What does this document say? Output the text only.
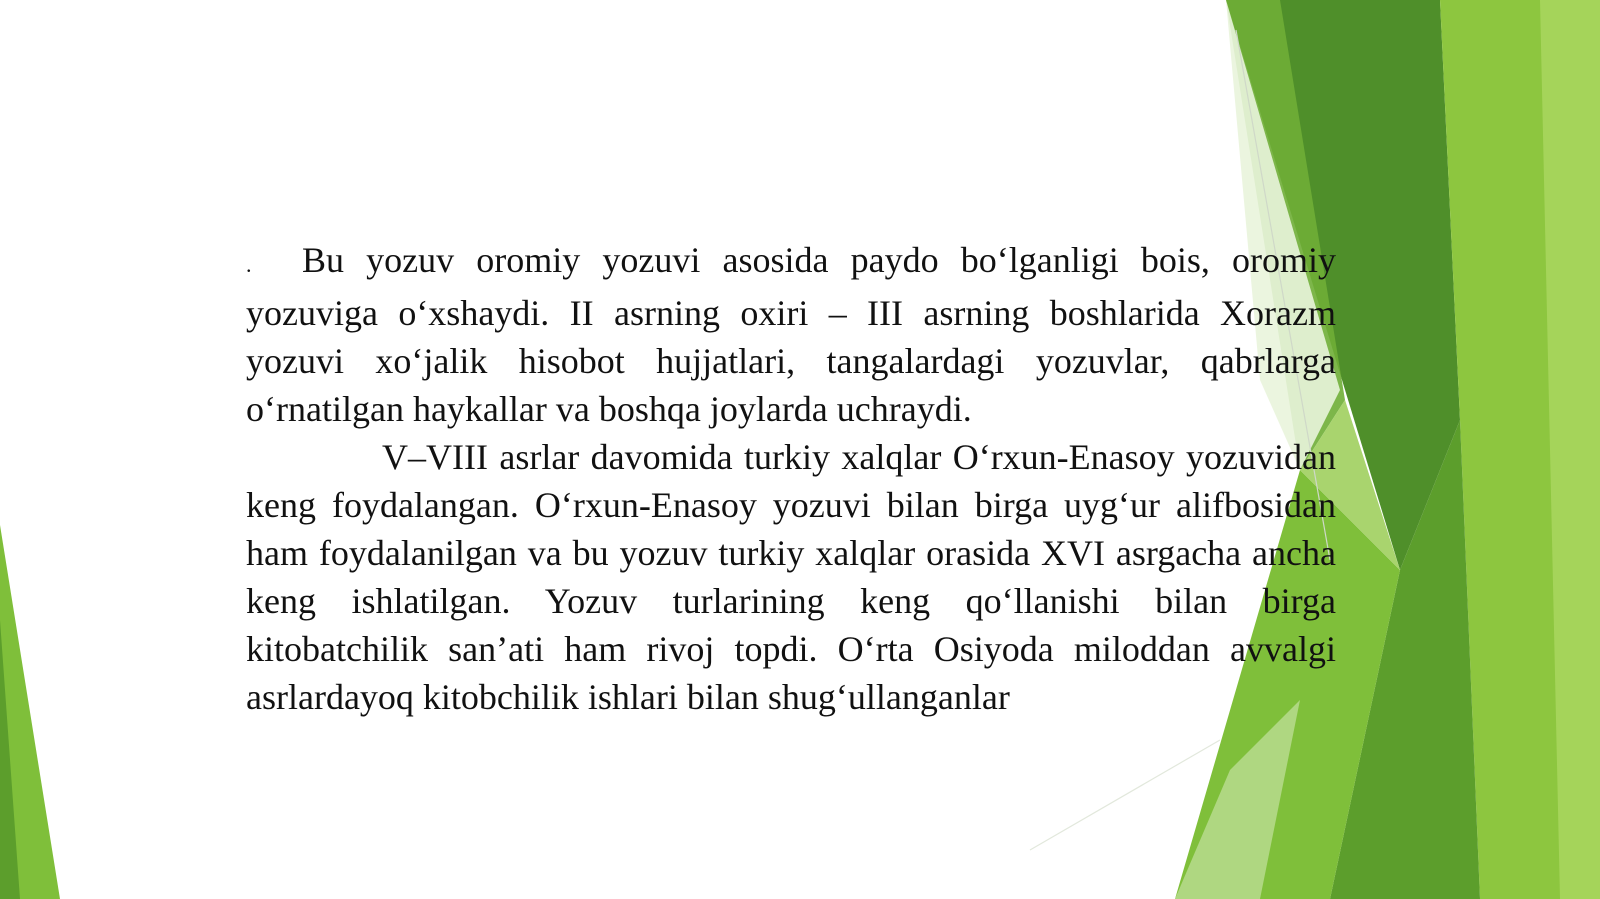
. Bu yozuv oromiy yozuvi asosida paydo bo‘lganligi bois, oromiy yozuviga o‘xshaydi. II asrning oxiri – III asrning boshlarida Xorazm yozuvi xo‘jalik hisobot hujjatlari, tangalardagi yozuvlar, qabrlarga o‘rnatilgan haykallar va boshqa joylarda uchraydi.

V–VIII asrlar davomida turkiy xalqlar O‘rxun-Enasoy yozuvidan keng foydalangan. O‘rxun-Enasoy yozuvi bilan birga uyg‘ur alifbosidan ham foydalanilgan va bu yozuv turkiy xalqlar orasida XVI asrgacha ancha keng ishlatilgan. Yozuv turlarining keng qo‘llanishi bilan birga kitobatchilik san’ati ham rivoj topdi. O‘rta Osiyoda miloddan avvalgi asrlardayoq kitobchilik ishlari bilan shug‘ullanganlar
